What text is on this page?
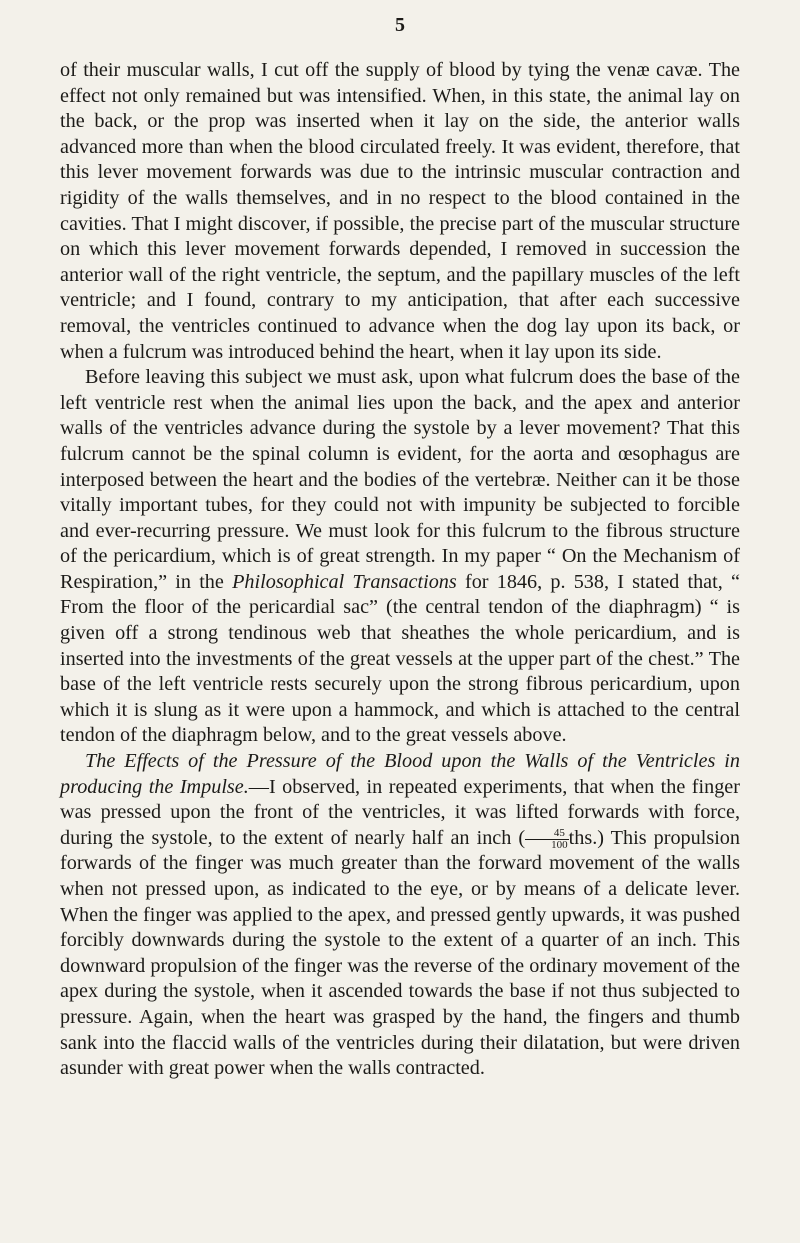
5

of their muscular walls, I cut off the supply of blood by tying the venæ cavæ. The effect not only remained but was intensified. When, in this state, the animal lay on the back, or the prop was inserted when it lay on the side, the anterior walls advanced more than when the blood circulated freely. It was evident, therefore, that this lever movement forwards was due to the intrinsic muscular contraction and rigidity of the walls themselves, and in no respect to the blood contained in the cavities. That I might discover, if possible, the precise part of the muscular structure on which this lever movement forwards depended, I removed in succession the anterior wall of the right ventricle, the septum, and the papillary muscles of the left ventricle; and I found, contrary to my anticipation, that after each successive removal, the ventricles continued to advance when the dog lay upon its back, or when a fulcrum was introduced behind the heart, when it lay upon its side.

Before leaving this subject we must ask, upon what fulcrum does the base of the left ventricle rest when the animal lies upon the back, and the apex and anterior walls of the ventricles advance during the systole by a lever movement? That this fulcrum cannot be the spinal column is evident, for the aorta and œsophagus are interposed between the heart and the bodies of the vertebræ. Neither can it be those vitally important tubes, for they could not with impunity be subjected to forcible and ever-recurring pressure. We must look for this fulcrum to the fibrous structure of the pericardium, which is of great strength. In my paper “ On the Mechanism of Respiration,” in the Philosophical Transactions for 1846, p. 538, I stated that, “ From the floor of the pericardial sac” (the central tendon of the diaphragm) “ is given off a strong tendinous web that sheathes the whole pericardium, and is inserted into the investments of the great vessels at the upper part of the chest.” The base of the left ventricle rests securely upon the strong fibrous pericardium, upon which it is slung as it were upon a hammock, and which is attached to the central tendon of the diaphragm below, and to the great vessels above.

The Effects of the Pressure of the Blood upon the Walls of the Ventricles in producing the Impulse.—I observed, in repeated experiments, that when the finger was pressed upon the front of the ventricles, it was lifted forwards with force, during the systole, to the extent of nearly half an inch ( $\frac{45}{100} ths$.) This propulsion forwards of the finger was much greater than the forward movement of the walls when not pressed upon, as indicated to the eye, or by means of a delicate lever. When the finger was applied to the apex, and pressed gently upwards, it was pushed forcibly downwards during the systole to the extent of a quarter of an inch. This downward propulsion of the finger was the reverse of the ordinary movement of the apex during the systole, when it ascended towards the base if not thus subjected to pressure. Again, when the heart was grasped by the hand, the fingers and thumb sank into the flaccid walls of the ventricles during their dilatation, but were driven asunder with great power when the walls contracted.
